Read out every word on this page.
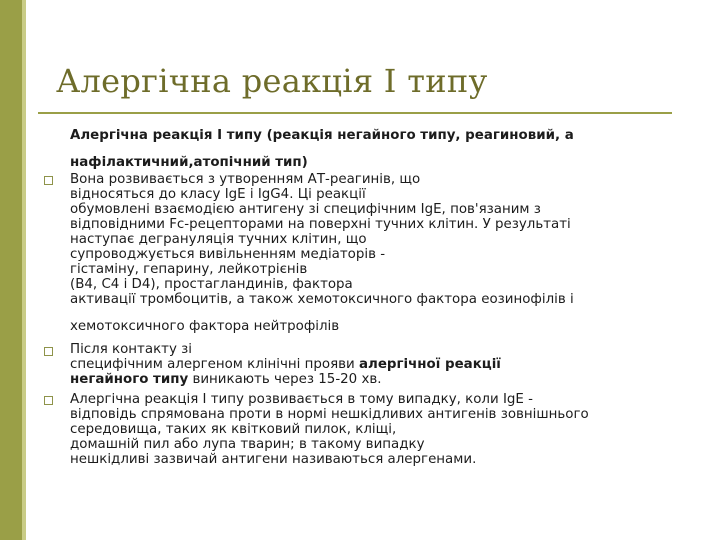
Алергічна реакція І типу
Алергічна реакція І типу (реакція негайного типу, реагиновий, а
нафілактичний,атопічний тип)
Вона розвивається з утворенням АТ-реагинів, що
відносяться до класу IgE і IgG4. Ці реакції
обумовлені взаємодією антигену зі специфічним IgE, пов'язаним з
відповідними Fc-рецепторами на поверхні тучних клітин. У результаті
наступає дегрануляція тучних клітин, що
супроводжується вивільненням медіаторів -
гістаміну, гепарину, лейкотрієнів
(B4, C4 і D4), простагландинів, фактора
активації тромбоцитів, а також хемотоксичного фактора еозинофілів і
хемотоксичного фактора нейтрофілів
Після контакту зі
специфічним алергеном клінічні прояви алергічної реакції
негайного типу виникають через 15-20 хв.
Алергічна реакція І типу розвивається в тому випадку, коли IgE -
відповідь спрямована проти в нормі нешкідливих антигенів зовнішнього
середовища, таких як квітковий пилок, кліщі,
домашній пил або лупа тварин; в такому випадку
нешкідливі зазвичай антигени називаються алергенами.
